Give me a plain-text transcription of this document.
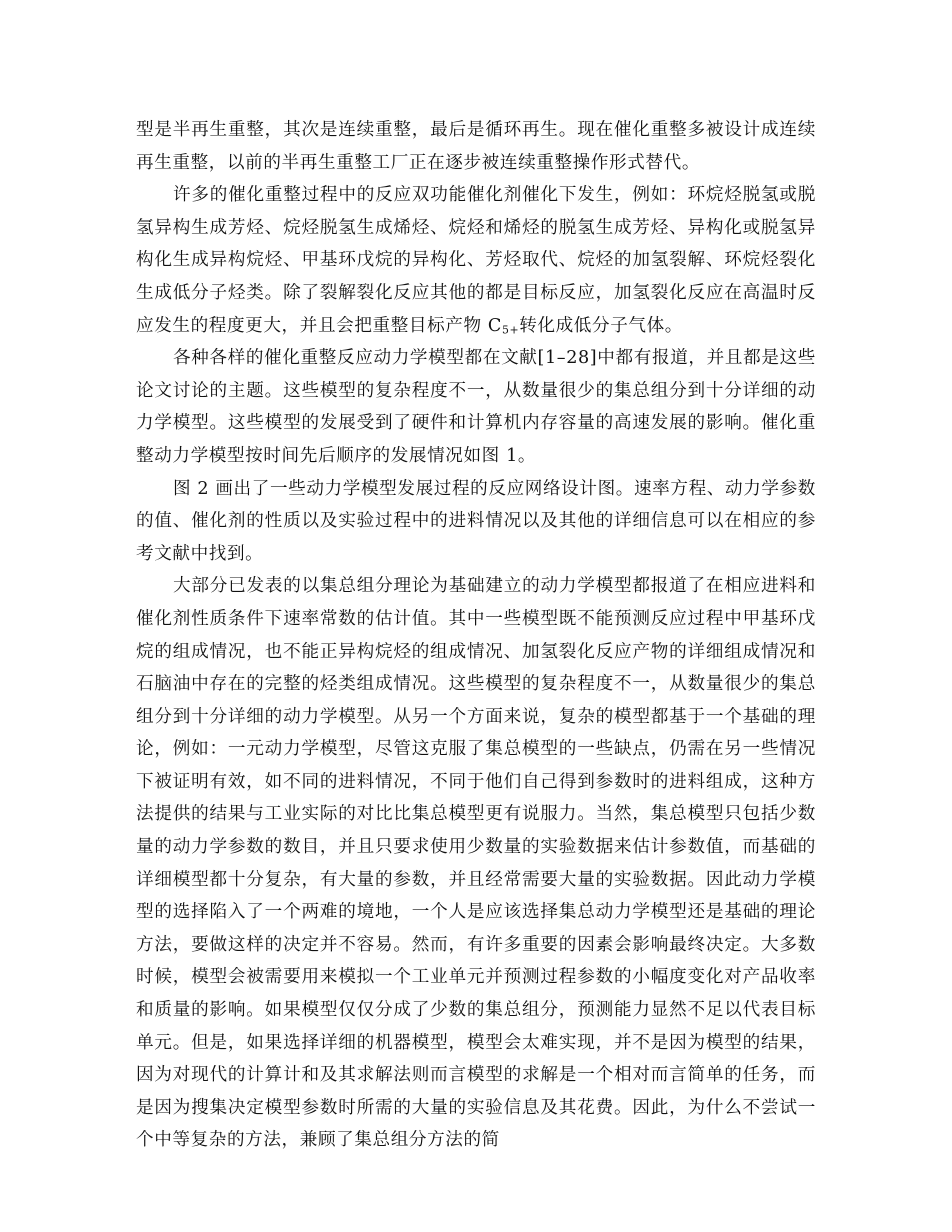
型是半再生重整，其次是连续重整，最后是循环再生。现在催化重整多被设计成连续再生重整，以前的半再生重整工厂正在逐步被连续重整操作形式替代。

许多的催化重整过程中的反应双功能催化剂催化下发生，例如：环烷烃脱氢或脱氢异构生成芳烃、烷烃脱氢生成烯烃、烷烃和烯烃的脱氢生成芳烃、异构化或脱氢异构化生成异构烷烃、甲基环戊烷的异构化、芳烃取代、烷烃的加氢裂解、环烷烃裂化生成低分子烃类。除了裂解裂化反应其他的都是目标反应，加氢裂化反应在高温时反应发生的程度更大，并且会把重整目标产物 $C_{5+}$转化成低分子气体。

各种各样的催化重整反应动力学模型都在文献[1–28]中都有报道，并且都是这些论文讨论的主题。这些模型的复杂程度不一，从数量很少的集总组分到十分详细的动力学模型。这些模型的发展受到了硬件和计算机内存容量的高速发展的影响。催化重整动力学模型按时间先后顺序的发展情况如图 1。

图 2 画出了一些动力学模型发展过程的反应网络设计图。速率方程、动力学参数的值、催化剂的性质以及实验过程中的进料情况以及其他的详细信息可以在相应的参考文献中找到。

大部分已发表的以集总组分理论为基础建立的动力学模型都报道了在相应进料和催化剂性质条件下速率常数的估计值。其中一些模型既不能预测反应过程中甲基环戊烷的组成情况，也不能正异构烷烃的组成情况、加氢裂化反应产物的详细组成情况和石脑油中存在的完整的烃类组成情况。这些模型的复杂程度不一，从数量很少的集总组分到十分详细的动力学模型。从另一个方面来说，复杂的模型都基于一个基础的理论，例如：一元动力学模型，尽管这克服了集总模型的一些缺点，仍需在另一些情况下被证明有效，如不同的进料情况，不同于他们自己得到参数时的进料组成，这种方法提供的结果与工业实际的对比比集总模型更有说服力。当然，集总模型只包括少数量的动力学参数的数目，并且只要求使用少数量的实验数据来估计参数值，而基础的详细模型都十分复杂，有大量的参数，并且经常需要大量的实验数据。因此动力学模型的选择陷入了一个两难的境地，一个人是应该选择集总动力学模型还是基础的理论方法，要做这样的决定并不容易。然而，有许多重要的因素会影响最终决定。大多数时候，模型会被需要用来模拟一个工业单元并预测过程参数的小幅度变化对产品收率和质量的影响。如果模型仅仅分成了少数的集总组分，预测能力显然不足以代表目标单元。但是，如果选择详细的机器模型，模型会太难实现，并不是因为模型的结果，因为对现代的计算计和及其求解法则而言模型的求解是一个相对而言简单的任务，而是因为搜集决定模型参数时所需的大量的实验信息及其花费。因此，为什么不尝试一个中等复杂的方法，兼顾了集总组分方法的简
